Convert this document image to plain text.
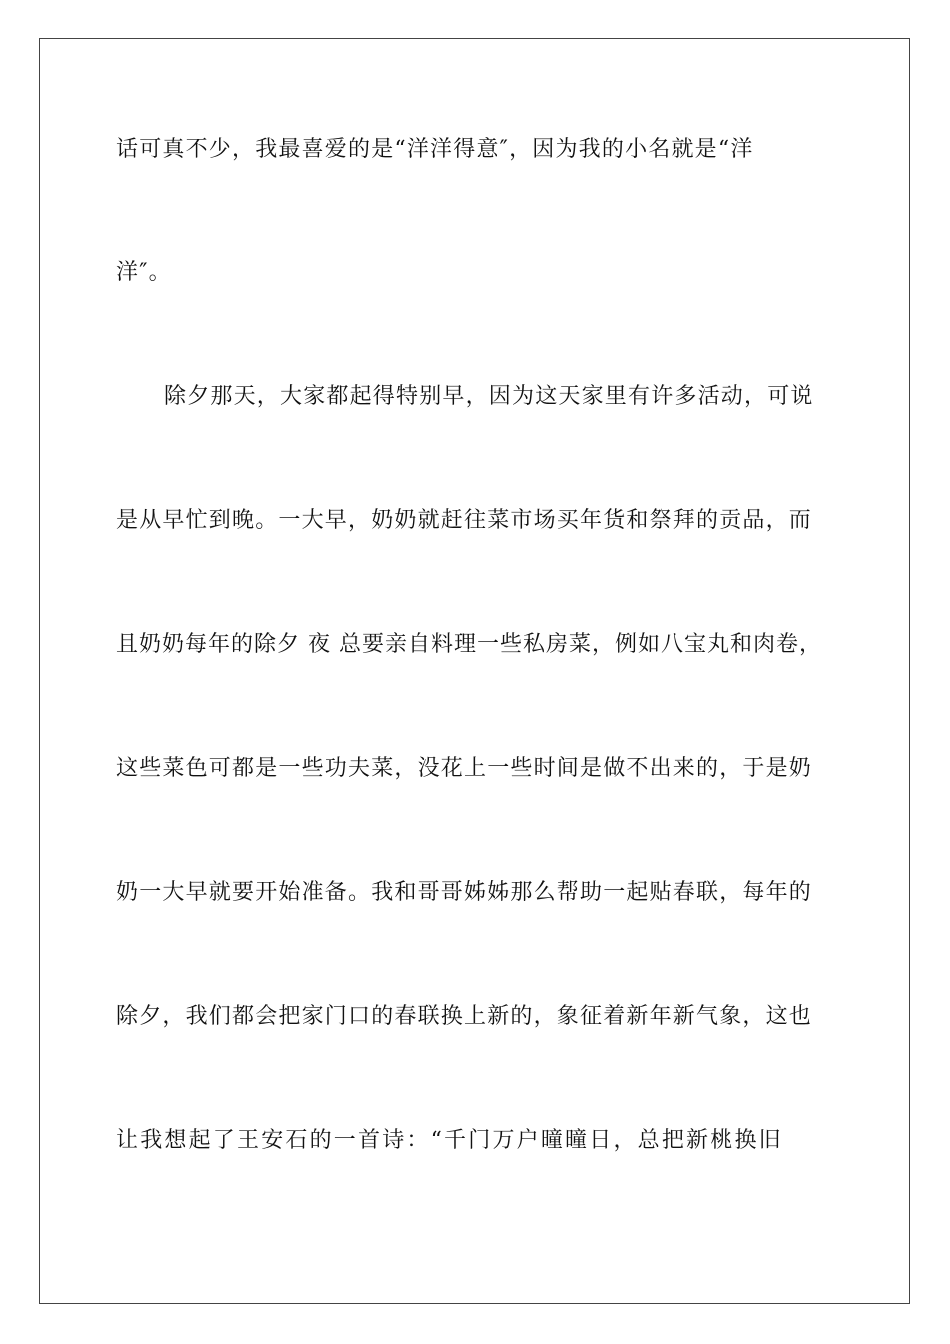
话可真不少，我最喜爱的是“洋洋得意″，因为我的小名就是“洋
洋″。
除夕那天，大家都起得特别早，因为这天家里有许多活动，可说
是从早忙到晚。一大早，奶奶就赶往菜市场买年货和祭拜的贡品，而
且奶奶每年的除夕 夜 总要亲自料理一些私房菜，例如八宝丸和肉卷，
这些菜色可都是一些功夫菜，没花上一些时间是做不出来的，于是奶
奶一大早就要开始准备。我和哥哥姊姊那么帮助一起贴春联，每年的
除夕，我们都会把家门口的春联换上新的，象征着新年新气象，这也
让我想起了王安石的一首诗：“千门万户曈曈日，总把新桃换旧
